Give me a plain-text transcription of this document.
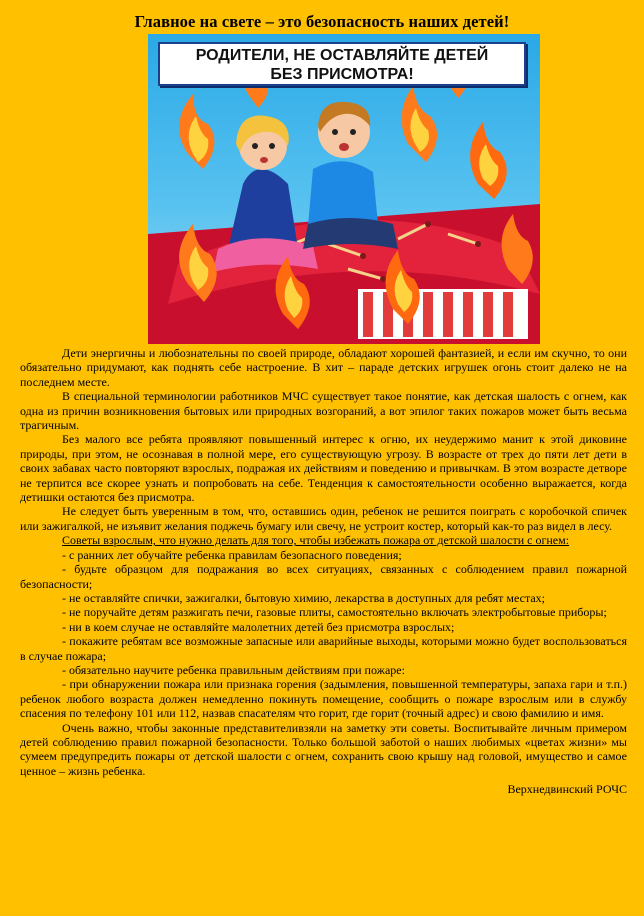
Главное на свете – это безопасность наших детей!
РОДИТЕЛИ, НЕ ОСТАВЛЯЙТЕ ДЕТЕЙ
БЕЗ ПРИСМОТРА!

Дети энергичны и любознательны по своей природе, обладают хорошей фантазией, и если им скучно, то они обязательно придумают, как поднять себе настроение. В хит – параде детских игрушек огонь стоит далеко не на последнем месте.

В специальной терминологии работников МЧС существует такое понятие, как детская шалость с огнем, как одна из причин возникновения бытовых или природных возгораний, а вот эпилог таких пожаров может быть весьма трагичным.

Без малого все ребята проявляют повышенный интерес к огню, их неудержимо манит к этой диковине природы, при этом, не осознавая в полной мере, его существующую угрозу. В возрасте от трех до пяти лет дети в своих забавах часто повторяют взрослых, подражая их действиям и поведению и привычкам. В этом возрасте детворе не терпится все скорее узнать и попробовать на себе. Тенденция к самостоятельности особенно выражается, когда детишки остаются без присмотра.

Не следует быть уверенным в том, что, оставшись один, ребенок не решится поиграть с коробочкой спичек или зажигалкой, не изъявит желания поджечь бумагу или свечу, не устроит костер, который как-то раз видел в лесу.

Советы взрослым, что нужно делать для того, чтобы избежать пожара от детской шалости с огнем:

- с ранних лет обучайте ребенка правилам безопасного поведения;

- будьте образцом для подражания во всех ситуациях, связанных с соблюдением правил пожарной безопасности;

- не оставляйте спички, зажигалки, бытовую химию, лекарства в доступных для ребят местах;

- не поручайте детям разжигать печи, газовые плиты, самостоятельно включать электробытовые приборы;

- ни в коем случае не оставляйте малолетних детей без присмотра взрослых;

- покажите ребятам все возможные запасные или аварийные выходы, которыми можно будет воспользоваться в случае пожара;

- обязательно научите ребенка правильным действиям при пожаре:

- при обнаружении пожара или признака горения (задымления, повышенной температуры, запаха гари и т.п.) ребенок любого возраста должен немедленно покинуть помещение, сообщить о пожаре взрослым или в службу спасения по телефону 101 или 112, назвав спасателям что горит, где горит (точный адрес) и свою фамилию и имя.

Очень важно, чтобы законные представителивзяли на заметку эти советы. Воспитывайте личным примером детей соблюдению правил пожарной безопасности. Только большой заботой о наших любимых «цветах жизни» мы сумеем предупредить пожары от детской шалости с огнем, сохранить свою крышу над головой, имущество и самое ценное – жизнь ребенка.

Верхнедвинский РОЧС
